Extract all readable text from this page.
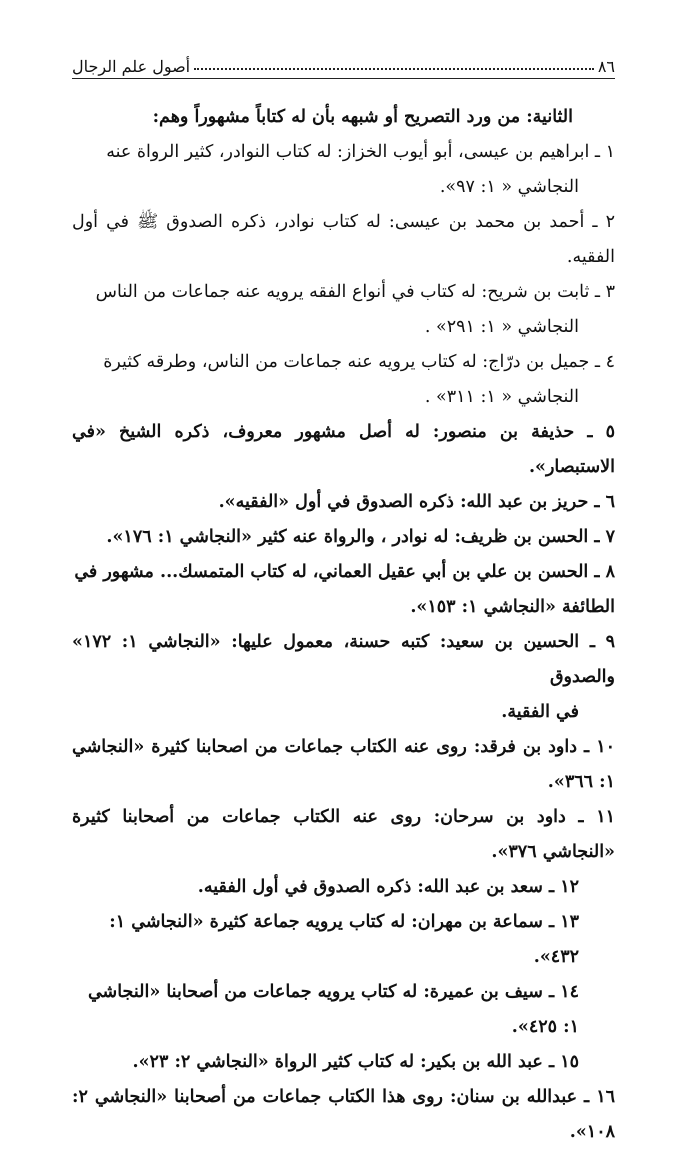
٨٦
أصول علم الرجال

الثانية: من ورد التصريح أو شبهه بأن له كتاباً مشهوراً وهم:

١ ـ ابراهيم بن عيسى، أبو أيوب الخزاز: له كتاب النوادر، كثير الرواة عنه

النجاشي « ١: ٩٧».

٢ ـ أحمد بن محمد بن عيسى: له كتاب نوادر، ذكره الصدوق ﷺ في أول الفقيه.

٣ ـ ثابت بن شريح: له كتاب في أنواع الفقه يرويه عنه جماعات من الناس

النجاشي « ١: ٢٩١» .

٤ ـ جميل بن درّاج: له كتاب يرويه عنه جماعات من الناس، وطرقه كثيرة

النجاشي « ١: ٣١١» .

٥ ـ حذيفة بن منصور: له أصل مشهور معروف، ذكره الشيخ «في الاستبصار».

٦ ـ حريز بن عبد الله: ذكره الصدوق في أول «الفقيه».

٧ ـ الحسن بن ظريف: له نوادر ، والرواة عنه كثير «النجاشي ١: ١٧٦».

٨ ـ الحسن بن علي بن أبي عقيل العماني، له كتاب المتمسك... مشهور في

الطائفة «النجاشي ١: ١٥٣».

٩ ـ الحسين بن سعيد: كتبه حسنة، معمول عليها: «النجاشي ١: ١٧٢» والصدوق

في الفقية.

١٠ ـ داود بن فرقد: روى عنه الكتاب جماعات من اصحابنا كثيرة «النجاشي ١: ٣٦٦».

١١ ـ داود بن سرحان: روى عنه الكتاب جماعات من أصحابنا كثيرة «النجاشي ٣٧٦».

١٢ ـ سعد بن عبد الله: ذكره الصدوق في أول الفقيه.

١٣ ـ سماعة بن مهران: له كتاب يرويه جماعة كثيرة «النجاشي ١: ٤٣٢».

١٤ ـ سيف بن عميرة: له كتاب يرويه جماعات من أصحابنا «النجاشي ١: ٤٢٥».

١٥ ـ عبد الله بن بكير: له كتاب كثير الرواة «النجاشي ٢: ٢٣».

١٦ ـ عبدالله بن سنان: روى هذا الكتاب جماعات من أصحابنا «النجاشي ٢: ١٠٨».
